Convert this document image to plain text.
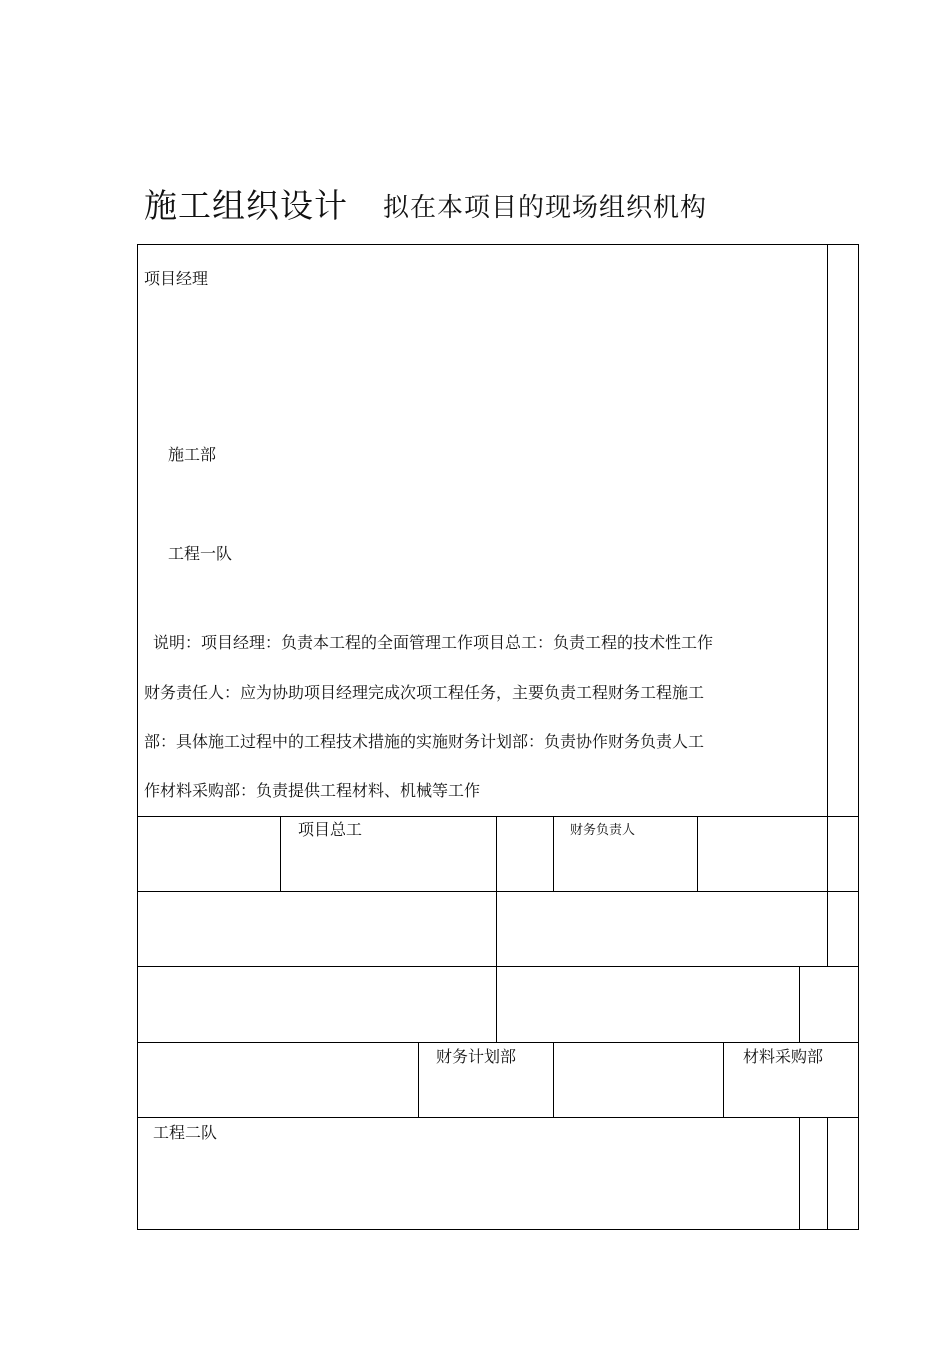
施工组织设计 拟在本项目的现场组织机构
项目经理
施工部
工程一队
说明：项目经理：负责本工程的全面管理工作项目总工：负责工程的技术性工作
财务责任人：应为协助项目经理完成次项工程任务，主要负责工程财务工程施工
部：具体施工过程中的工程技术措施的实施财务计划部：负责协作财务负责人工
作材料采购部：负责提供工程材料、机械等工作
项目总工	财务负责人
财务计划部	材料采购部
工程二队
